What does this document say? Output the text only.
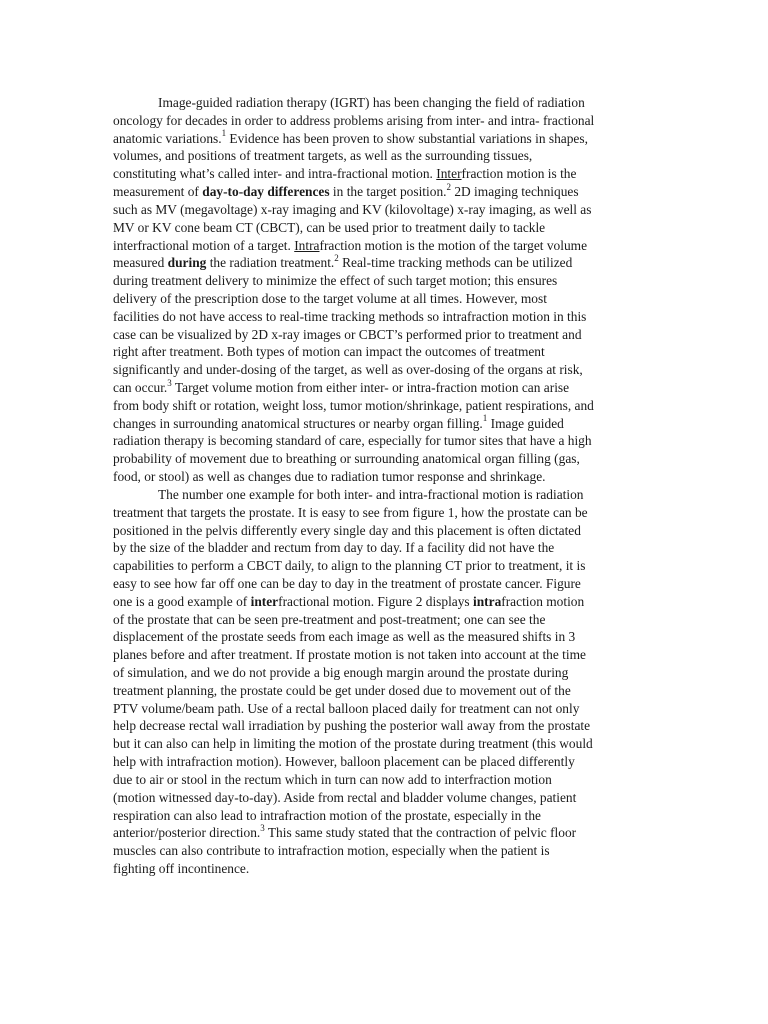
Image-guided radiation therapy (IGRT) has been changing the field of radiation
oncology for decades in order to address problems arising from inter- and intra- fractional
anatomic variations.$^1$ Evidence has been proven to show substantial variations in shapes,
volumes, and positions of treatment targets, as well as the surrounding tissues,
constituting what’s called inter- and intra-fractional motion. Interfraction motion is the
measurement of day-to-day differences in the target position.$^2$ 2D imaging techniques
such as MV (megavoltage) x-ray imaging and KV (kilovoltage) x-ray imaging, as well as
MV or KV cone beam CT (CBCT), can be used prior to treatment daily to tackle
interfractional motion of a target. Intrafraction motion is the motion of the target volume
measured during the radiation treatment.$^2$ Real-time tracking methods can be utilized
during treatment delivery to minimize the effect of such target motion; this ensures
delivery of the prescription dose to the target volume at all times. However, most
facilities do not have access to real-time tracking methods so intrafraction motion in this
case can be visualized by 2D x-ray images or CBCT’s performed prior to treatment and
right after treatment. Both types of motion can impact the outcomes of treatment
significantly and under-dosing of the target, as well as over-dosing of the organs at risk,
can occur.$^3$ Target volume motion from either inter- or intra-fraction motion can arise
from body shift or rotation, weight loss, tumor motion/shrinkage, patient respirations, and
changes in surrounding anatomical structures or nearby organ filling.$^1$ Image guided
radiation therapy is becoming standard of care, especially for tumor sites that have a high
probability of movement due to breathing or surrounding anatomical organ filling (gas,
food, or stool) as well as changes due to radiation tumor response and shrinkage.
The number one example for both inter- and intra-fractional motion is radiation
treatment that targets the prostate. It is easy to see from figure 1, how the prostate can be
positioned in the pelvis differently every single day and this placement is often dictated
by the size of the bladder and rectum from day to day. If a facility did not have the
capabilities to perform a CBCT daily, to align to the planning CT prior to treatment, it is
easy to see how far off one can be day to day in the treatment of prostate cancer. Figure
one is a good example of interfractional motion. Figure 2 displays intrafraction motion
of the prostate that can be seen pre-treatment and post-treatment; one can see the
displacement of the prostate seeds from each image as well as the measured shifts in 3
planes before and after treatment. If prostate motion is not taken into account at the time
of simulation, and we do not provide a big enough margin around the prostate during
treatment planning, the prostate could be get under dosed due to movement out of the
PTV volume/beam path. Use of a rectal balloon placed daily for treatment can not only
help decrease rectal wall irradiation by pushing the posterior wall away from the prostate
but it can also can help in limiting the motion of the prostate during treatment (this would
help with intrafraction motion). However, balloon placement can be placed differently
due to air or stool in the rectum which in turn can now add to interfraction motion
(motion witnessed day-to-day). Aside from rectal and bladder volume changes, patient
respiration can also lead to intrafraction motion of the prostate, especially in the
anterior/posterior direction.$^3$ This same study stated that the contraction of pelvic floor
muscles can also contribute to intrafraction motion, especially when the patient is
fighting off incontinence.
